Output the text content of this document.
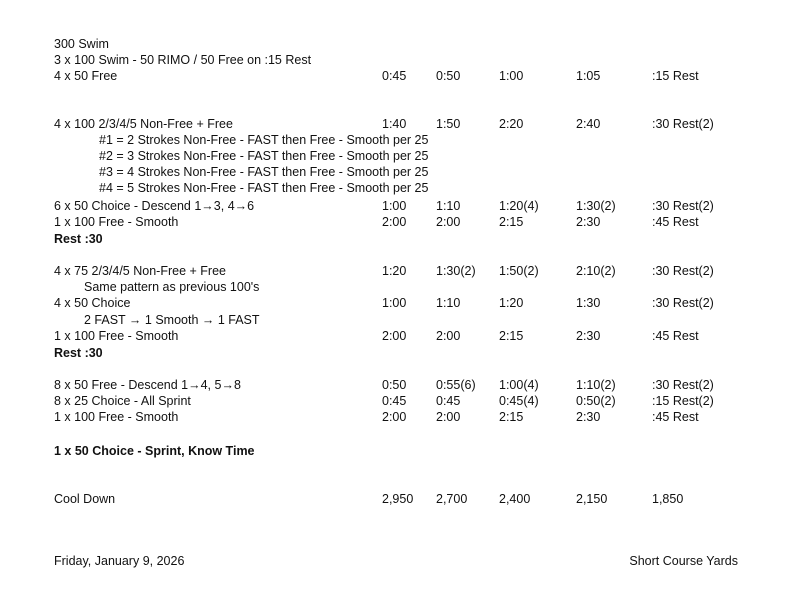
300 Swim
3 x 100 Swim - 50 RIMO / 50 Free on :15 Rest
4 x 50 Free	0:45 0:50	1:00	1:05	:15 Rest
4 x 100 2/3/4/5 Non-Free + Free	1:40 1:50	2:20	2:40	:30 Rest(2)
#1 = 2 Strokes Non-Free - FAST then Free - Smooth per 25
#2 = 3 Strokes Non-Free - FAST then Free - Smooth per 25
#3 = 4 Strokes Non-Free - FAST then Free - Smooth per 25
#4 = 5 Strokes Non-Free - FAST then Free - Smooth per 25
6 x 50 Choice - Descend 1→3, 4→6	1:00 1:10	1:20(4)	1:30(2)	:30 Rest(2)
1 x 100 Free - Smooth	2:00 2:00	2:15	2:30	:45 Rest
Rest :30
4 x 75 2/3/4/5 Non-Free + Free	1:20 1:30(2) 1:50(2)	2:10(2)	:30 Rest(2)
Same pattern as previous 100's
4 x 50 Choice	1:00 1:10	1:20	1:30	:30 Rest(2)
2 FAST → 1 Smooth → 1 FAST
1 x 100 Free - Smooth	2:00 2:00	2:15	2:30	:45 Rest
Rest :30
8 x 50 Free - Descend 1→4, 5→8	0:50 0:55(6) 1:00(4)	1:10(2)	:30 Rest(2)
8 x 25 Choice - All Sprint	0:45 0:45	0:45(4)	0:50(2)	:15 Rest(2)
1 x 100 Free - Smooth	2:00 2:00	2:15	2:30	:45 Rest
1 x 50 Choice - Sprint, Know Time
Cool Down	2,950 2,700	2,400	2,150	1,850
Friday, January 9, 2026	Short Course Yards
